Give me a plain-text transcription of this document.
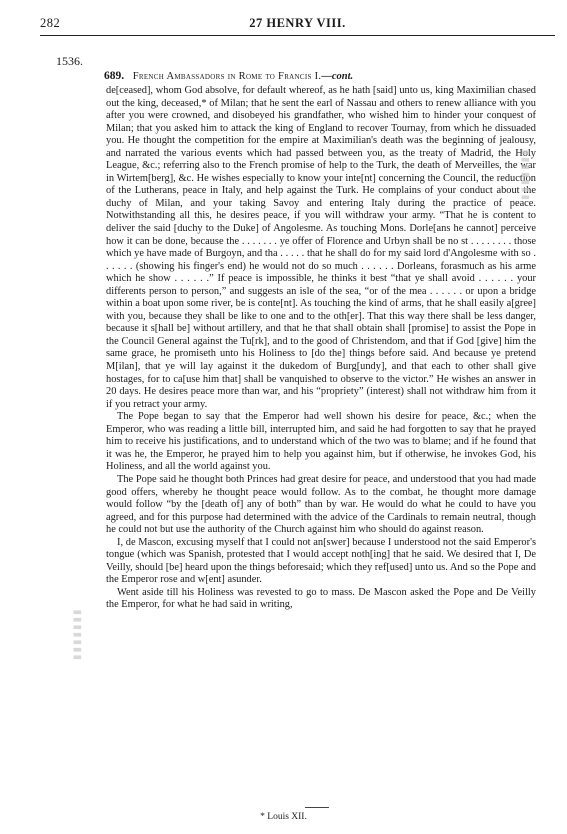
282	27 HENRY VIII.
1536.
689. French Ambassadors in Rome to Francis I.—cont.

de[ceased], whom God absolve, for default whereof, as he hath [said] unto us, king Maximilian chased out the king, deceased,* of Milan; that he sent the earl of Nassau and others to renew alliance with you after you were crowned, and disobeyed his grandfather, who wished him to hinder your conquest of Milan; that you asked him to attack the king of England to recover Tournay, from which he dissuaded you. He thought the competition for the empire at Maximilian's death was the beginning of jealousy, and narrated the various events which had passed between you, as the treaty of Madrid, the Holy League, &c.; referring also to the French promise of help to the Turk, the death of Merveilles, the war in Wirtem[berg], &c. He wishes especially to know your inte[nt] concerning the Council, the reduction of the Lutherans, peace in Italy, and help against the Turk. He complains of your conduct about the duchy of Milan, and your taking Savoy and entering Italy during the practice of peace. Notwithstanding all this, he desires peace, if you will withdraw your army. “That he is content to deliver the said [duchy to the Duke] of Angolesme. As touching Mons. Dorle[ans he cannot] perceive how it can be done, because the . . . . . . . ye offer of Florence and Urbyn shall be no st . . . . . . . . those which ye have made of Burgoyn, and tha . . . . . that he shall do for my said lord d'Angolesme with so . . . . . . (showing his finger's end) he would not do so much . . . . . . Dorleans, forasmuch as his arme which he show . . . . . .” If peace is impossible, he thinks it best “that ye shall avoid . . . . . . your differents person to person,” and suggests an isle of the sea, “or of the mea . . . . . . or upon a bridge within a boat upon some river, be is conte[nt]. As touching the kind of arms, that he shall easily a[gree] with you, because they shall be like to one and to the oth[er]. That this way there shall be less danger, because it s[hall be] without artillery, and that he that shall obtain shall [promise] to assist the Pope in the Council General against the Tu[rk], and to the good of Christendom, and that if God [give] him the same grace, he promiseth unto his Holiness to [do the] things before said. And because ye pretend M[ilan], that ye will lay against it the dukedom of Burg[undy], and that each to other shall give hostages, for to ca[use him that] shall be vanquished to observe to the victor.” He wishes an answer in 20 days. He desires peace more than war, and his “propriety” (interest) shall not withdraw him from it if you retract your army.

The Pope began to say that the Emperor had well shown his desire for peace, &c.; when the Emperor, who was reading a little bill, interrupted him, and said he had forgotten to say that he prayed him to receive his justifications, and to understand which of the two was to blame; and if he found that it was he, the Emperor, he prayed him to help you against him, but if otherwise, he invokes God, his Holiness, and all the world against you.

The Pope said he thought both Princes had great desire for peace, and understood that you had made good offers, whereby he thought peace would follow. As to the combat, he thought more damage would follow “by the [death of] any of both” than by war. He would do what he could to have you agreed, and for this purpose had determined with the advice of the Cardinals to remain neutral, though he could not but use the authority of the Church against him who should do against reason.

I, de Mascon, excusing myself that I could not an[swer] because I understood not the said Emperor's tongue (which was Spanish, protested that I would accept noth[ing] that he said. We desired that I, De Veilly, should [be] heard upon the things beforesaid; which they ref[used] unto us. And so the Pope and the Emperor rose and w[ent] asunder.

Went aside till his Holiness was revested to go to mass. De Mascon asked the Pope and De Veilly the Emperor, for what he had said in writing,

* Louis XII.
▮▮▮▮▮▮▮
▮▮▮▮▮▮▮
